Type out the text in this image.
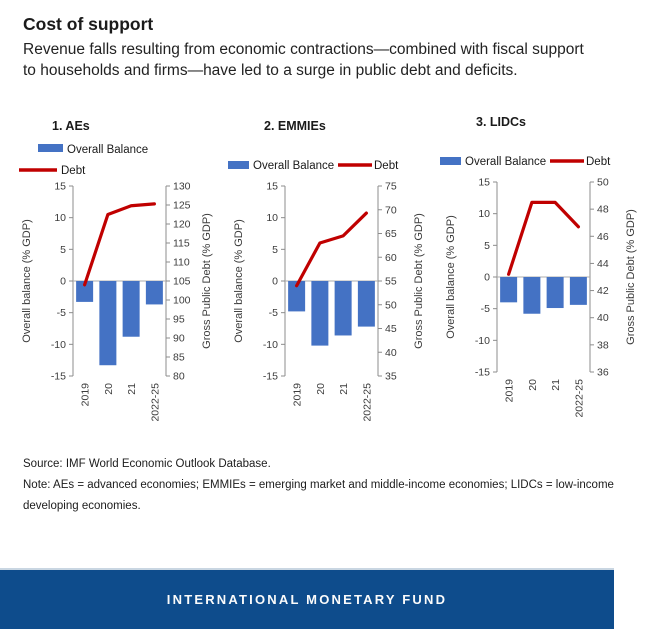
Cost of support

Revenue falls resulting from economic contractions—combined with fiscal support to households and firms—have led to a surge in public debt and deficits.

1. AEs
Overall Balance
Debt
15
10
5
0
-5
-10
-15
130
125
120
115
110
105
100
95
90
85
80
2019 20 21 2022-25
Overall balance (% GDP)	Gross Public Debt (% GDP)
2. EMMIEs
Overall Balance	Debt
15
10
5
0
-5
-10
-15
75
70
65
60
55
50
45
40
35
2019 20 21 2022-25
Overall balance (% GDP)	Gross Public Debt (% GDP)
3. LIDCs
Overall Balance	Debt
15
10
5
0
-5
-10
-15
50
48
46
44
42
40
38
36
2019 20 21 2022-25
Overall balance (% GDP)	Gross Public Debt (% GDP)

Source: IMF World Economic Outlook Database.

Note: AEs = advanced economies; EMMIEs = emerging market and middle-income economies; LIDCs = low-income developing economies.

INTERNATIONAL MONETARY FUND
